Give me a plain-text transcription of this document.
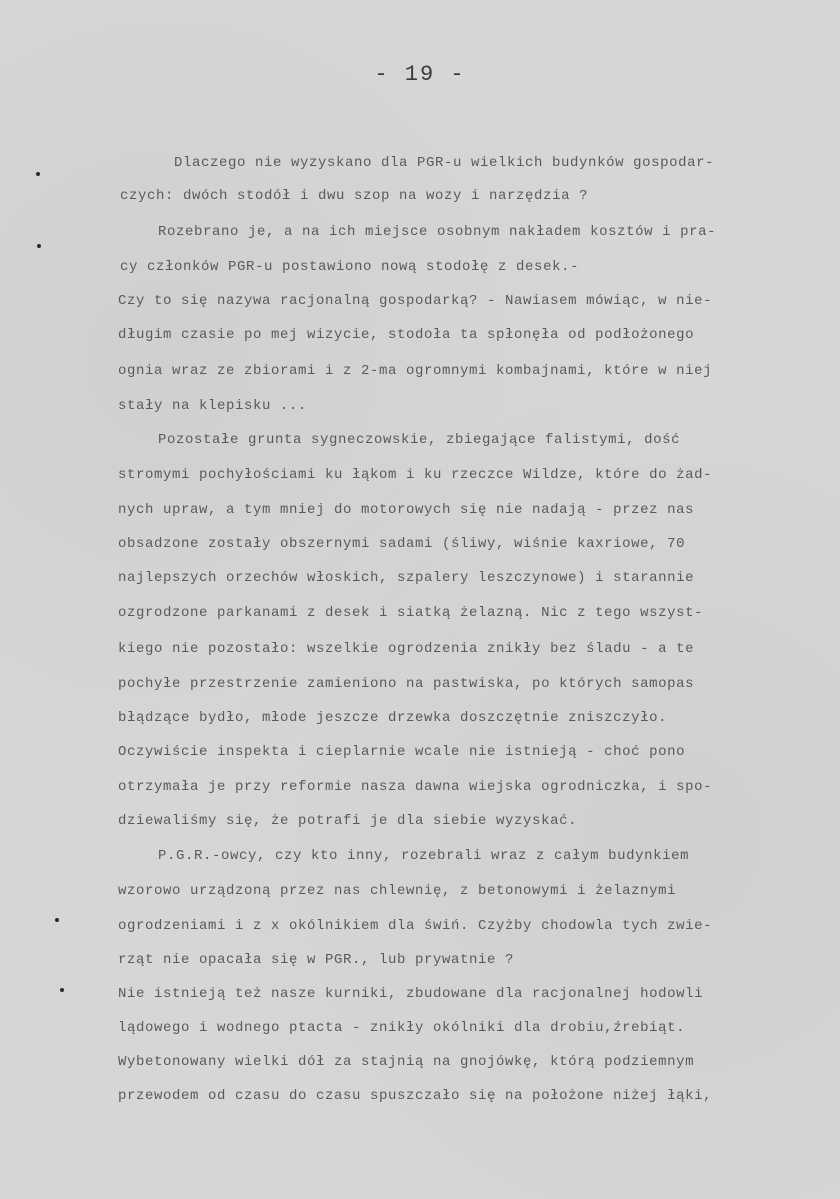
- 19 -
Dlaczego nie wyzyskano dla PGR-u wielkich budynków gospodar-
czych: dwóch stodół i dwu szop na wozy i narzędzia ?
Rozebrano je, a na ich miejsce osobnym nakładem kosztów i pra-
cy członków PGR-u postawiono nową stodołę z desek.-
Czy to się nazywa racjonalną gospodarką? - Nawiasem mówiąc, w nie-
długim czasie po mej wizycie, stodoła ta spłonęła od podłożonego
ognia wraz ze zbiorami i z 2-ma ogromnymi kombajnami, które w niej
stały na klepisku ...
Pozostałe grunta sygneczowskie, zbiegające falistymi, dość
stromymi pochyłościami ku łąkom i ku rzeczce Wildze, które do żad-
nych upraw, a tym mniej do motorowych się nie nadają - przez nas
obsadzone zostały obszernymi sadami (śliwy, wiśnie kaxriowe, 70
najlepszych orzechów włoskich, szpalery leszczynowe) i starannie
ozgrodzone parkanami z desek i siatką żelazną. Nic z tego wszyst-
kiego nie pozostało: wszelkie ogrodzenia znikły bez śladu - a te
pochyłe przestrzenie zamieniono na pastwiska, po których samopas
błądzące bydło, młode jeszcze drzewka doszczętnie zniszczyło.
Oczywiście inspekta i cieplarnie wcale nie istnieją - choć pono
otrzymała je przy reformie nasza dawna wiejska ogrodniczka, i spo-
dziewaliśmy się, że potrafi je dla siebie wyzyskać.
P.G.R.-owcy, czy kto inny, rozebrali wraz z całym budynkiem
wzorowo urządzoną przez nas chlewnię, z betonowymi i żelaznymi
ogrodzeniami i z x okólnikiem dla świń. Czyżby chodowla tych zwie-
rząt nie opacała się w PGR., lub prywatnie ?
Nie istnieją też nasze kurniki, zbudowane dla racjonalnej hodowli
lądowego i wodnego ptacta - znikły okólniki dla drobiu,źrebiąt.
Wybetonowany wielki dół za stajnią na gnojówkę, którą podziemnym
przewodem od czasu do czasu spuszczało się na położone niżej łąki,
